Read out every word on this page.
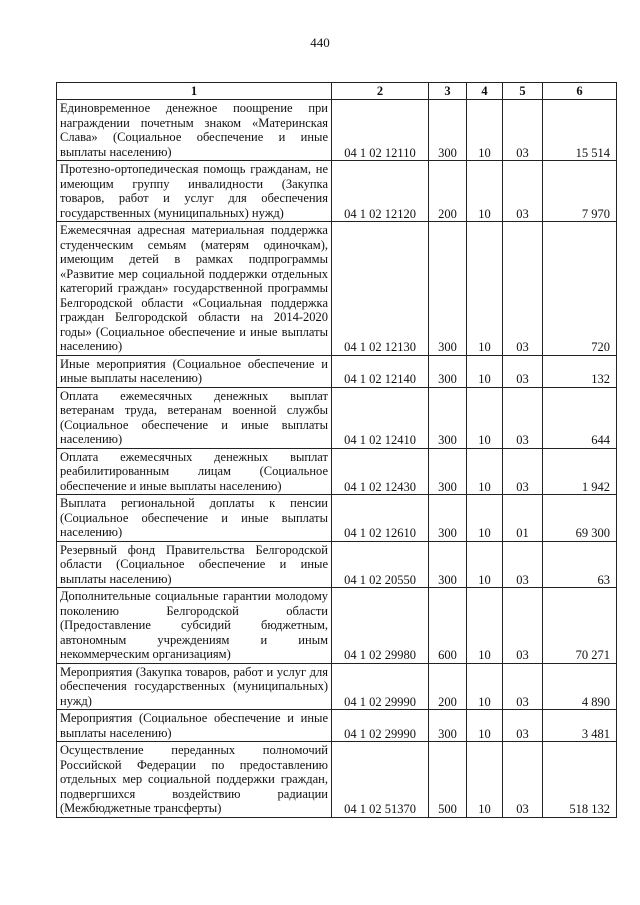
440
1	2	3	4	5	6
Единовременное денежное поощрение при награждении почетным знаком «Материнская Слава» (Социальное обеспечение и иные выплаты населению)	04 1 02 12110	300	10	03	15 514
Протезно-ортопедическая помощь гражданам, не имеющим группу инвалидности (Закупка товаров, работ и услуг для обеспечения государственных (муниципальных) нужд)	04 1 02 12120	200	10	03	7 970
Ежемесячная адресная материальная поддержка студенческим семьям (матерям одиночкам), имеющим детей в рамках подпрограммы «Развитие мер социальной поддержки отдельных категорий граждан» государственной программы Белгородской области «Социальная поддержка граждан Белгородской области на 2014-2020 годы» (Социальное обеспечение и иные выплаты населению)	04 1 02 12130	300	10	03	720
Иные мероприятия (Социальное обеспечение и иные выплаты населению)	04 1 02 12140	300	10	03	132
Оплата ежемесячных денежных выплат ветеранам труда, ветеранам военной службы (Социальное обеспечение и иные выплаты населению)	04 1 02 12410	300	10	03	644
Оплата ежемесячных денежных выплат реабилитированным лицам (Социальное обеспечение и иные выплаты населению)	04 1 02 12430	300	10	03	1 942
Выплата региональной доплаты к пенсии (Социальное обеспечение и иные выплаты населению)	04 1 02 12610	300	10	01	69 300
Резервный фонд Правительства Белгородской области (Социальное обеспечение и иные выплаты населению)	04 1 02 20550	300	10	03	63
Дополнительные социальные гарантии молодому поколению Белгородской области (Предоставление субсидий бюджетным, автономным учреждениям и иным некоммерческим организациям)	04 1 02 29980	600	10	03	70 271
Мероприятия (Закупка товаров, работ и услуг для обеспечения государственных (муниципальных) нужд)	04 1 02 29990	200	10	03	4 890
Мероприятия (Социальное обеспечение и иные выплаты населению)	04 1 02 29990	300	10	03	3 481
Осуществление переданных полномочий Российской Федерации по предоставлению отдельных мер социальной поддержки граждан, подвергшихся воздействию радиации (Межбюджетные трансферты)	04 1 02 51370	500	10	03	518 132
